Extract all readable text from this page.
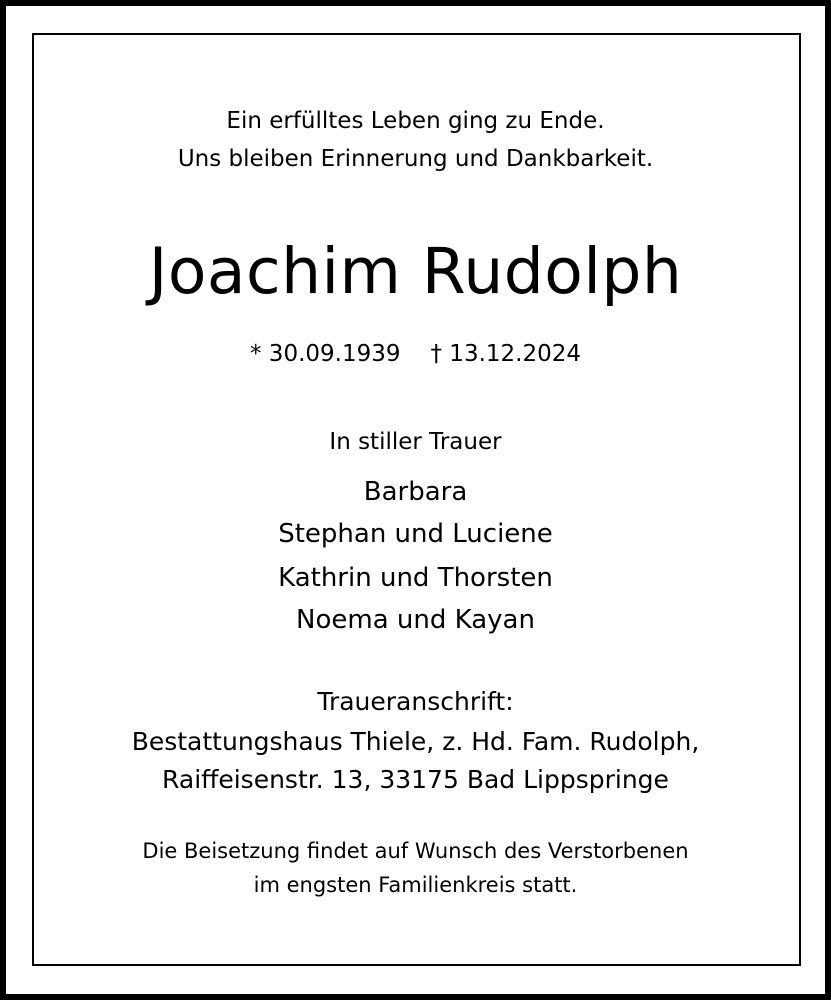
Ein erfülltes Leben ging zu Ende.
Uns bleiben Erinnerung und Dankbarkeit.
Joachim Rudolph
* 30.09.1939 † 13.12.2024
In stiller Trauer
Barbara
Stephan und Luciene
Kathrin und Thorsten
Noema und Kayan
Traueranschrift:
Bestattungshaus Thiele, z. Hd. Fam. Rudolph,
Raiffeisenstr. 13, 33175 Bad Lippspringe
Die Beisetzung findet auf Wunsch des Verstorbenen
im engsten Familienkreis statt.
